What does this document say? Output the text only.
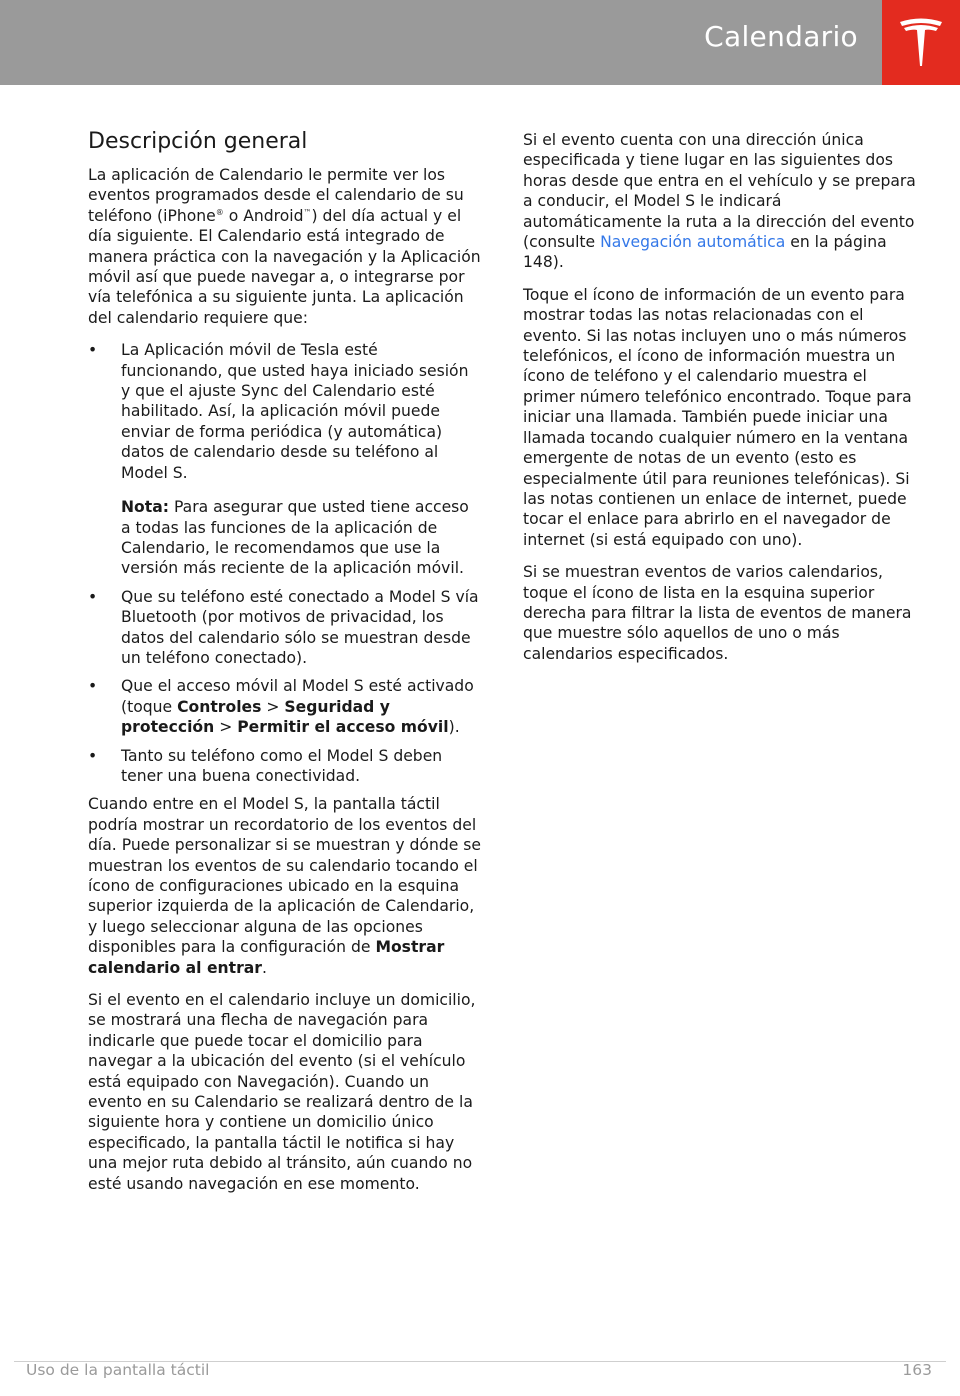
Calendario
Descripción general

La aplicación de Calendario le permite ver los eventos programados desde el calendario de su teléfono (iPhone® o Android™) del día actual y el día siguiente. El Calendario está integrado de manera práctica con la navegación y la Aplicación móvil así que puede navegar a, o integrarse por vía telefónica a su siguiente junta. La aplicación del calendario requiere que:

• La Aplicación móvil de Tesla esté funcionando, que usted haya iniciado sesión y que el ajuste Sync del Calendario esté habilitado. Así, la aplicación móvil puede enviar de forma periódica (y automática) datos de calendario desde su teléfono al Model S.
Nota: Para asegurar que usted tiene acceso a todas las funciones de la aplicación de Calendario, le recomendamos que use la versión más reciente de la aplicación móvil.
• Que su teléfono esté conectado a Model S vía Bluetooth (por motivos de privacidad, los datos del calendario sólo se muestran desde un teléfono conectado).
• Que el acceso móvil al Model S esté activado (toque Controles > Seguridad y protección > Permitir el acceso móvil).
• Tanto su teléfono como el Model S deben tener una buena conectividad.

Cuando entre en el Model S, la pantalla táctil podría mostrar un recordatorio de los eventos del día. Puede personalizar si se muestran y dónde se muestran los eventos de su calendario tocando el ícono de configuraciones ubicado en la esquina superior izquierda de la aplicación de Calendario, y luego seleccionar alguna de las opciones disponibles para la configuración de Mostrar calendario al entrar.

Si el evento en el calendario incluye un domicilio, se mostrará una flecha de navegación para indicarle que puede tocar el domicilio para navegar a la ubicación del evento (si el vehículo está equipado con Navegación). Cuando un evento en su Calendario se realizará dentro de la siguiente hora y contiene un domicilio único especificado, la pantalla táctil le notifica si hay una mejor ruta debido al tránsito, aún cuando no esté usando navegación en ese momento.

Si el evento cuenta con una dirección única especificada y tiene lugar en las siguientes dos horas desde que entra en el vehículo y se prepara a conducir, el Model S le indicará automáticamente la ruta a la dirección del evento (consulte Navegación automática en la página 148).

Toque el ícono de información de un evento para mostrar todas las notas relacionadas con el evento. Si las notas incluyen uno o más números telefónicos, el ícono de información muestra un ícono de teléfono y el calendario muestra el primer número telefónico encontrado. Toque para iniciar una llamada. También puede iniciar una llamada tocando cualquier número en la ventana emergente de notas de un evento (esto es especialmente útil para reuniones telefónicas). Si las notas contienen un enlace de internet, puede tocar el enlace para abrirlo en el navegador de internet (si está equipado con uno).

Si se muestran eventos de varios calendarios, toque el ícono de lista en la esquina superior derecha para filtrar la lista de eventos de manera que muestre sólo aquellos de uno o más calendarios especificados.

Uso de la pantalla táctil	163
